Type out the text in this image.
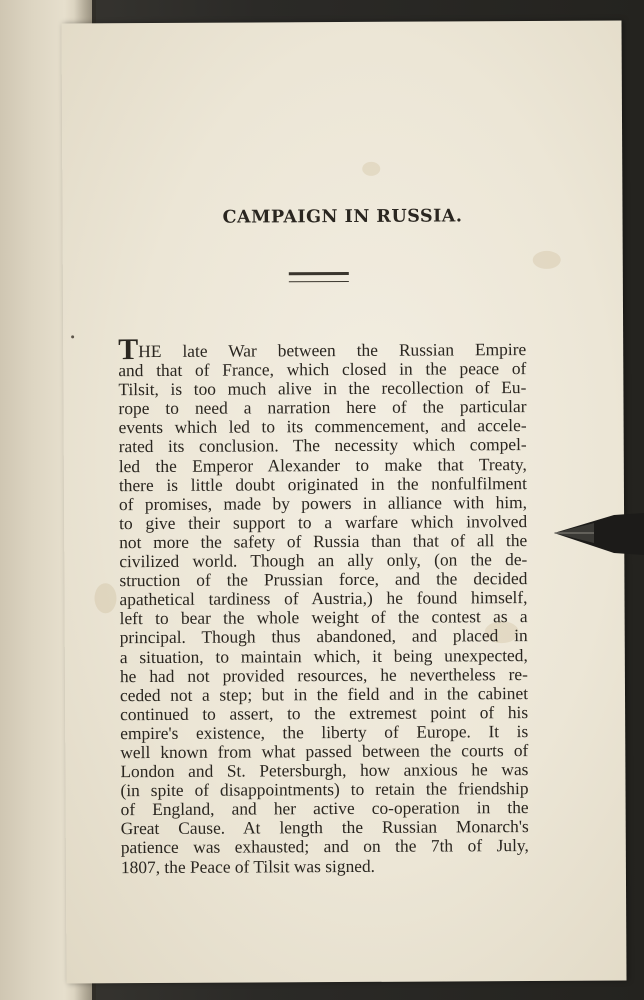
CAMPAIGN IN RUSSIA.
THE late War between the Russian Empire
and that of France, which closed in the peace of
Tilsit, is too much alive in the recollection of Eu-
rope to need a narration here of the particular
events which led to its commencement, and accele-
rated its conclusion. The necessity which compel-
led the Emperor Alexander to make that Treaty,
there is little doubt originated in the nonfulfilment
of promises, made by powers in alliance with him,
to give their support to a warfare which involved
not more the safety of Russia than that of all the
civilized world. Though an ally only, (on the de-
struction of the Prussian force, and the decided
apathetical tardiness of Austria,) he found himself,
left to bear the whole weight of the contest as a
principal. Though thus abandoned, and placed in
a situation, to maintain which, it being unexpected,
he had not provided resources, he nevertheless re-
ceded not a step; but in the field and in the cabinet
continued to assert, to the extremest point of his
empire's existence, the liberty of Europe. It is
well known from what passed between the courts of
London and St. Petersburgh, how anxious he was
(in spite of disappointments) to retain the friendship
of England, and her active co-operation in the
Great Cause. At length the Russian Monarch's
patience was exhausted; and on the 7th of July,
1807, the Peace of Tilsit was signed.
